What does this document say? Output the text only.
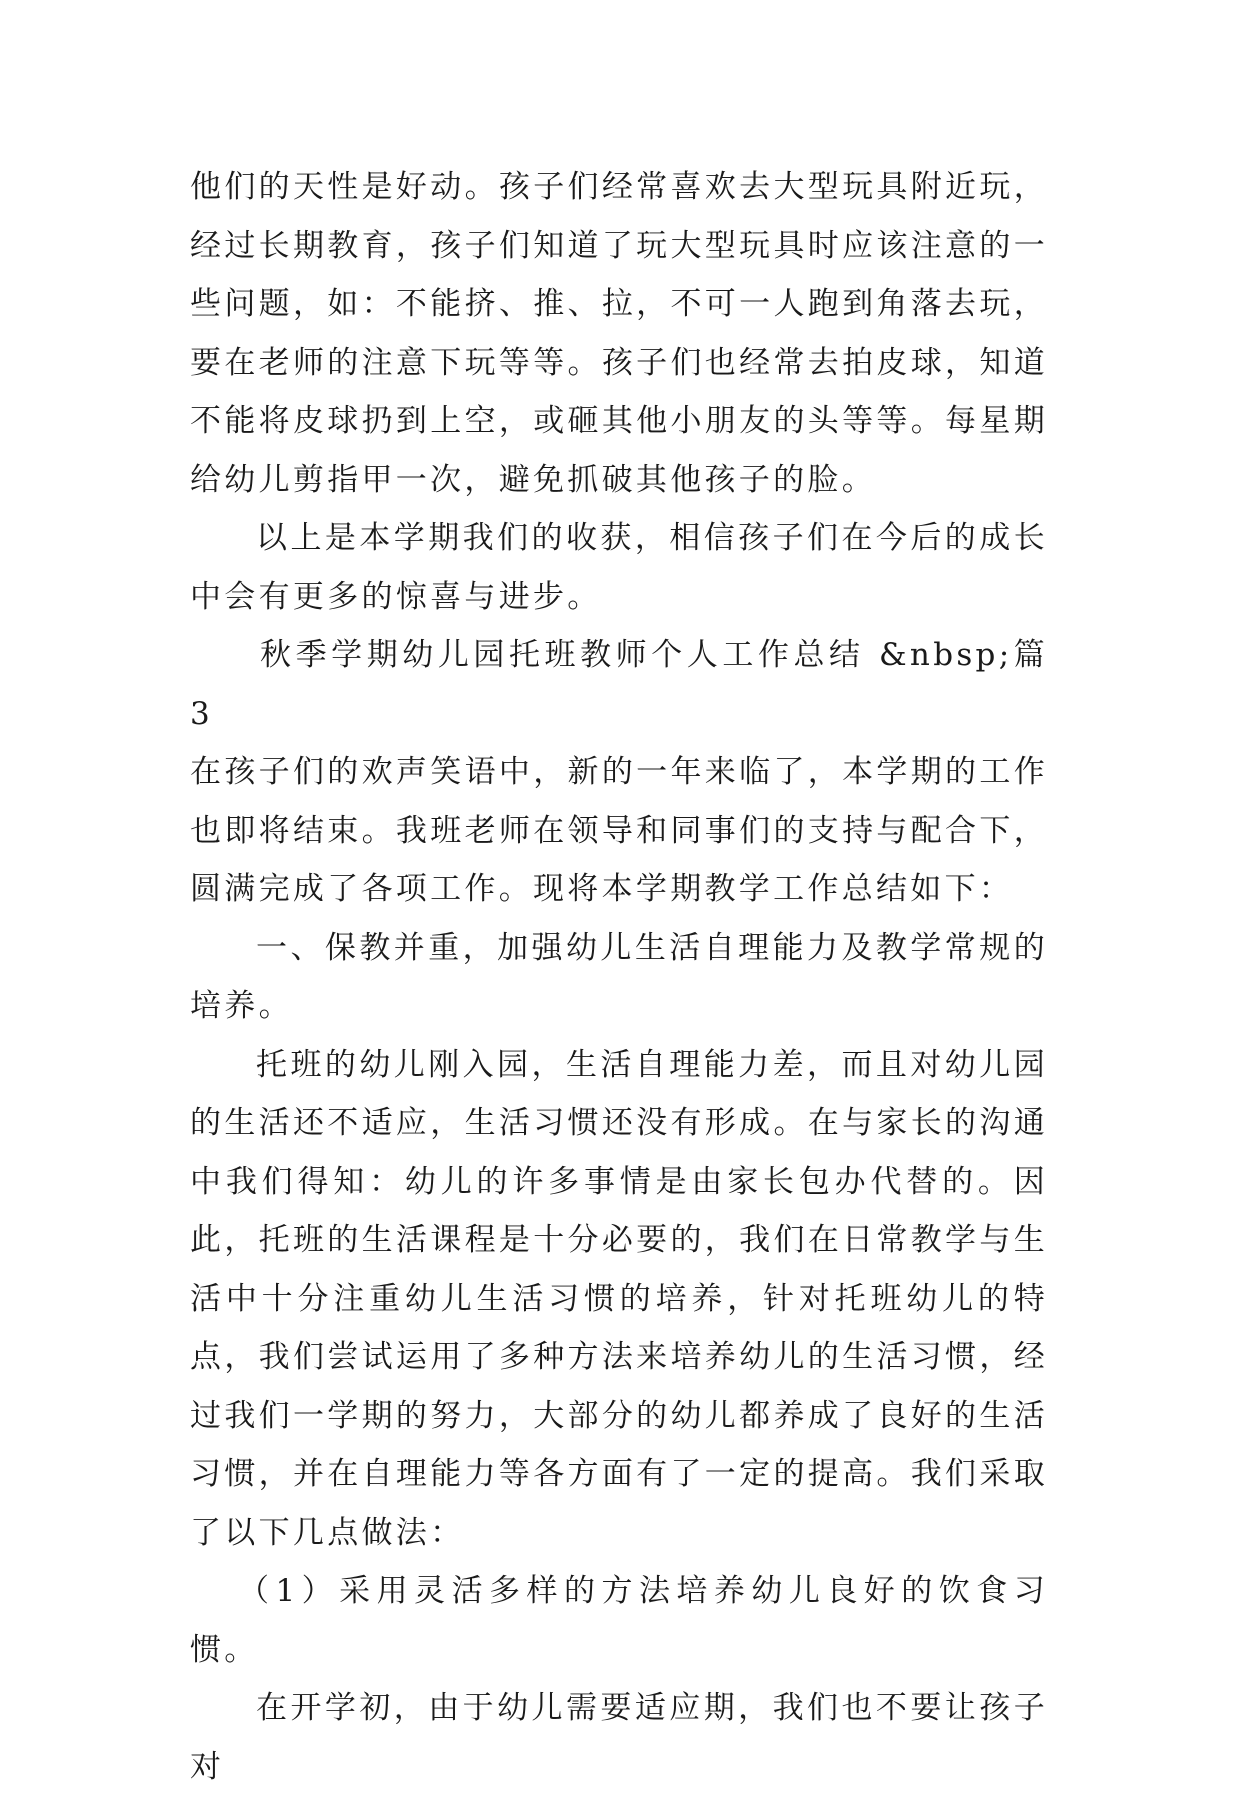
他们的天性是好动。孩子们经常喜欢去大型玩具附近玩，经过长期教育，孩子们知道了玩大型玩具时应该注意的一些问题，如：不能挤、推、拉，不可一人跑到角落去玩，要在老师的注意下玩等等。孩子们也经常去拍皮球，知道不能将皮球扔到上空，或砸其他小朋友的头等等。每星期给幼儿剪指甲一次，避免抓破其他孩子的脸。

以上是本学期我们的收获，相信孩子们在今后的成长中会有更多的惊喜与进步。

秋季学期幼儿园托班教师个人工作总结 &nbsp;篇 3

在孩子们的欢声笑语中，新的一年来临了，本学期的工作也即将结束。我班老师在领导和同事们的支持与配合下，圆满完成了各项工作。现将本学期教学工作总结如下：

一、保教并重，加强幼儿生活自理能力及教学常规的培养。

托班的幼儿刚入园，生活自理能力差，而且对幼儿园的生活还不适应，生活习惯还没有形成。在与家长的沟通中我们得知：幼儿的许多事情是由家长包办代替的。因此，托班的生活课程是十分必要的，我们在日常教学与生活中十分注重幼儿生活习惯的培养，针对托班幼儿的特点，我们尝试运用了多种方法来培养幼儿的生活习惯，经过我们一学期的努力，大部分的幼儿都养成了良好的生活习惯，并在自理能力等各方面有了一定的提高。我们采取了以下几点做法：

（1）采用灵活多样的方法培养幼儿良好的饮食习惯。

在开学初，由于幼儿需要适应期，我们也不要让孩子对
